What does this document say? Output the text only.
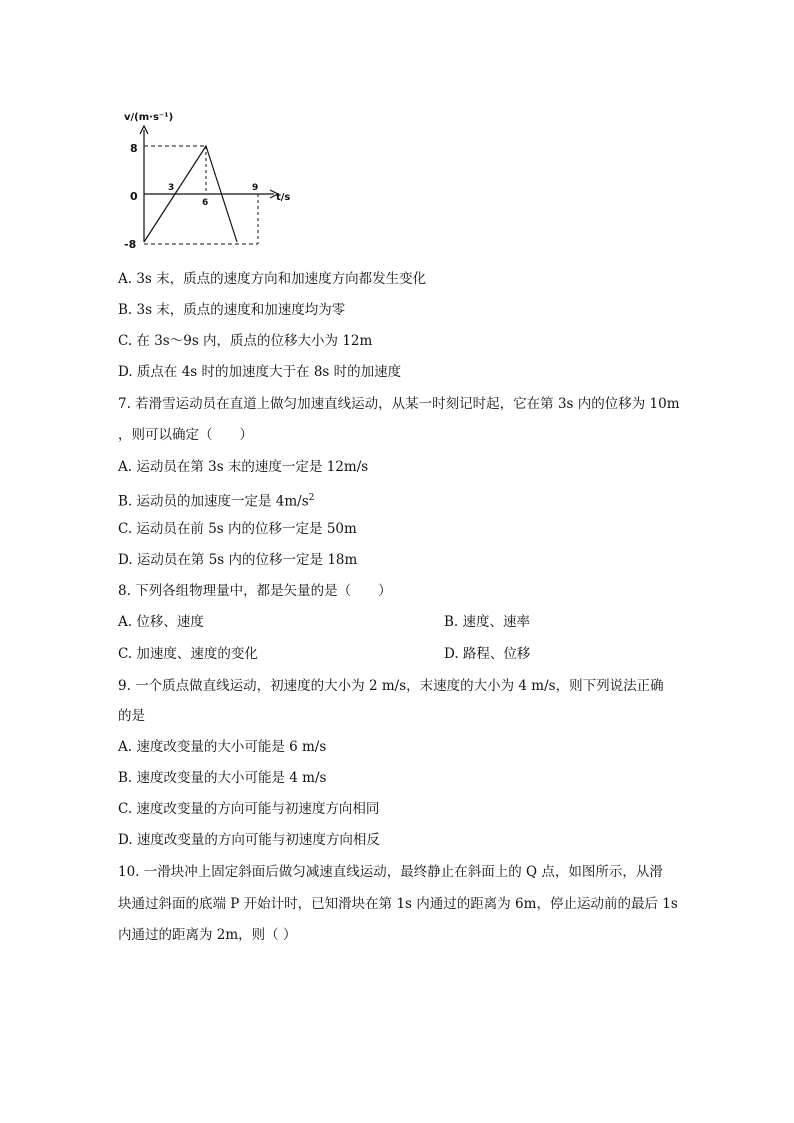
v/(m·s⁻¹)
t/s
8
0
-8
3
6
9
A. 3s 末，质点的速度方向和加速度方向都发生变化
B. 3s 末，质点的速度和加速度均为零
C. 在 3s～9s 内，质点的位移大小为 12m
D. 质点在 4s 时的加速度大于在 8s 时的加速度
7. 若滑雪运动员在直道上做匀加速直线运动，从某一时刻记时起，它在第 3s 内的位移为 10m
，则可以确定（　　）
A. 运动员在第 3s 末的速度一定是 12m/s
B. 运动员的加速度一定是 $4m/s^2$
C. 运动员在前 5s 内的位移一定是 50m
D. 运动员在第 5s 内的位移一定是 18m
8. 下列各组物理量中，都是矢量的是（　　）
A. 位移、速度	B. 速度、速率
C. 加速度、速度的变化	D. 路程、位移
9. 一个质点做直线运动，初速度的大小为 2 m/s，末速度的大小为 4 m/s，则下列说法正确
的是
A. 速度改变量的大小可能是 6 m/s
B. 速度改变量的大小可能是 4 m/s
C. 速度改变量的方向可能与初速度方向相同
D. 速度改变量的方向可能与初速度方向相反
10. 一滑块冲上固定斜面后做匀减速直线运动，最终静止在斜面上的 Q 点，如图所示，从滑
块通过斜面的底端 P 开始计时，已知滑块在第 1s 内通过的距离为 6m，停止运动前的最后 1s
内通过的距离为 2m，则（ ）
